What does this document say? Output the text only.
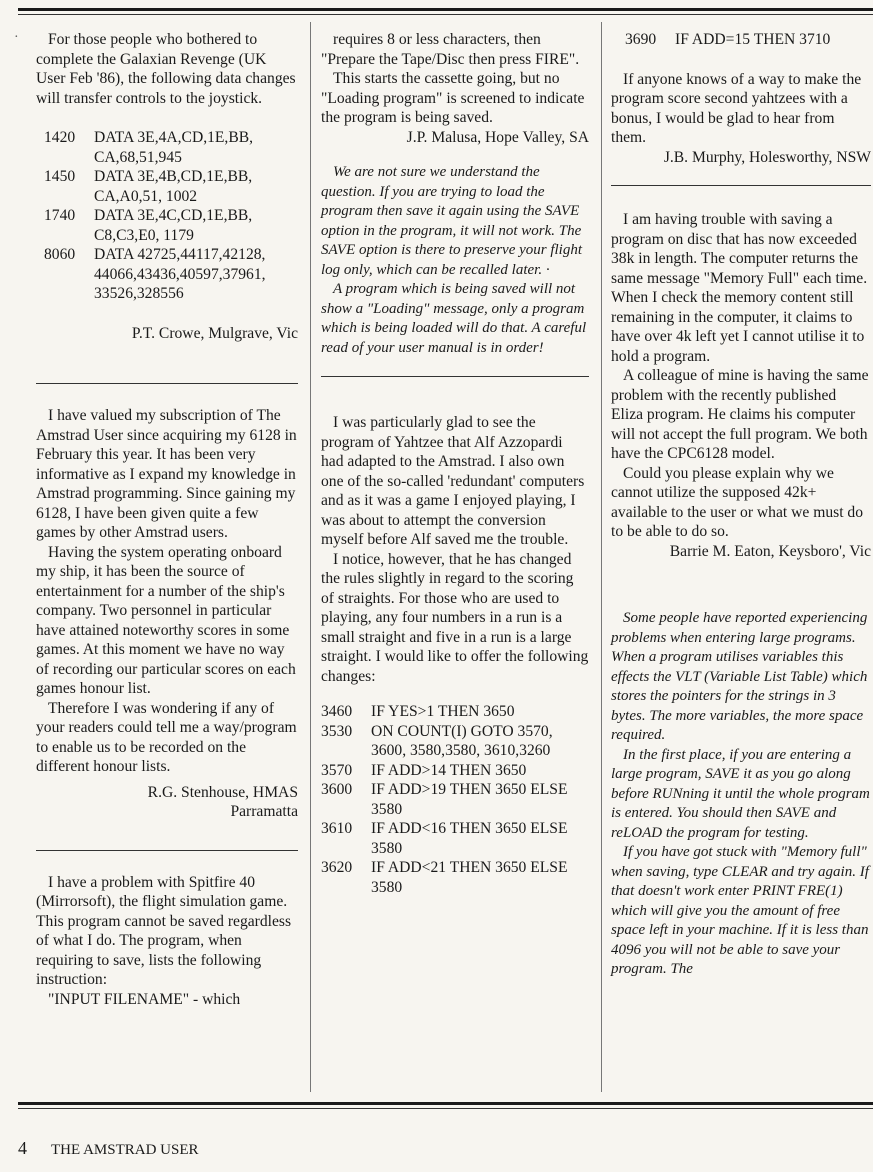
·	For those people who bothered to complete the Galaxian Revenge (UK User Feb '86), the following data changes will transfer controls to the joystick.

1420	DATA 3E,4A,CD,1E,BB, CA,68,51,945
1450	DATA 3E,4B,CD,1E,BB, CA,A0,51, 1002
1740	DATA 3E,4C,CD,1E,BB, C8,C3,E0, 1179
8060	DATA 42725,44117,42128, 44066,43436,40597,37961, 33526,328556

P.T. Crowe, Mulgrave, Vic

I have valued my subscription of The Amstrad User since acquiring my 6128 in February this year. It has been very informative as I expand my knowledge in Amstrad programming. Since gaining my 6128, I have been given quite a few games by other Amstrad users.

Having the system operating onboard my ship, it has been the source of entertainment for a number of the ship's company. Two personnel in particular have attained noteworthy scores in some games. At this moment we have no way of recording our particular scores on each games honour list.

Therefore I was wondering if any of your readers could tell me a way/program to enable us to be recorded on the different honour lists.

R.G. Stenhouse, HMAS

Parramatta

I have a problem with Spitfire 40 (Mirrorsoft), the flight simulation game. This program cannot be saved regardless of what I do. The program, when requiring to save, lists the following instruction:

"INPUT FILENAME" - which

requires 8 or less characters, then "Prepare the Tape/Disc then press FIRE".

This starts the cassette going, but no "Loading program" is screened to indicate the program is being saved.

J.P. Malusa, Hope Valley, SA

We are not sure we understand the question. If you are trying to load the program then save it again using the SAVE option in the program, it will not work. The SAVE option is there to preserve your flight log only, which can be recalled later. ·

A program which is being saved will not show a "Loading" message, only a program which is being loaded will do that. A careful read of your user manual is in order!

I was particularly glad to see the program of Yahtzee that Alf Azzopardi had adapted to the Amstrad. I also own one of the so-called 'redundant' computers and as it was a game I enjoyed playing, I was about to attempt the conversion myself before Alf saved me the trouble.

I notice, however, that he has changed the rules slightly in regard to the scoring of straights. For those who are used to playing, any four numbers in a run is a small straight and five in a run is a large straight. I would like to offer the following changes:

3460	IF YES>1 THEN 3650
3530	ON COUNT(I) GOTO 3570, 3600, 3580,3580, 3610,3260
3570	IF ADD>14 THEN 3650
3600	IF ADD>19 THEN 3650 ELSE 3580
3610	IF ADD<16 THEN 3650 ELSE 3580
3620	IF ADD<21 THEN 3650 ELSE 3580
3690	IF ADD=15 THEN 3710

If anyone knows of a way to make the program score second yahtzees with a bonus, I would be glad to hear from them.

J.B. Murphy, Holesworthy, NSW

I am having trouble with saving a program on disc that has now exceeded 38k in length. The computer returns the same message "Memory Full" each time. When I check the memory content still remaining in the computer, it claims to have over 4k left yet I cannot utilise it to hold a program.

A colleague of mine is having the same problem with the recently published Eliza program. He claims his computer will not accept the full program. We both have the CPC6128 model.

Could you please explain why we cannot utilize the supposed 42k+ available to the user or what we must do to be able to do so.

Barrie M. Eaton, Keysboro', Vic

Some people have reported experiencing problems when entering large programs. When a program utilises variables this effects the VLT (Variable List Table) which stores the pointers for the strings in 3 bytes. The more variables, the more space required.

In the first place, if you are entering a large program, SAVE it as you go along before RUNning it until the whole program is entered. You should then SAVE and reLOAD the program for testing.

If you have got stuck with "Memory full" when saving, type CLEAR and try again. If that doesn't work enter PRINT FRE(1) which will give you the amount of free space left in your machine. If it is less than 4096 you will not be able to save your program. The

4 THE AMSTRAD USER
